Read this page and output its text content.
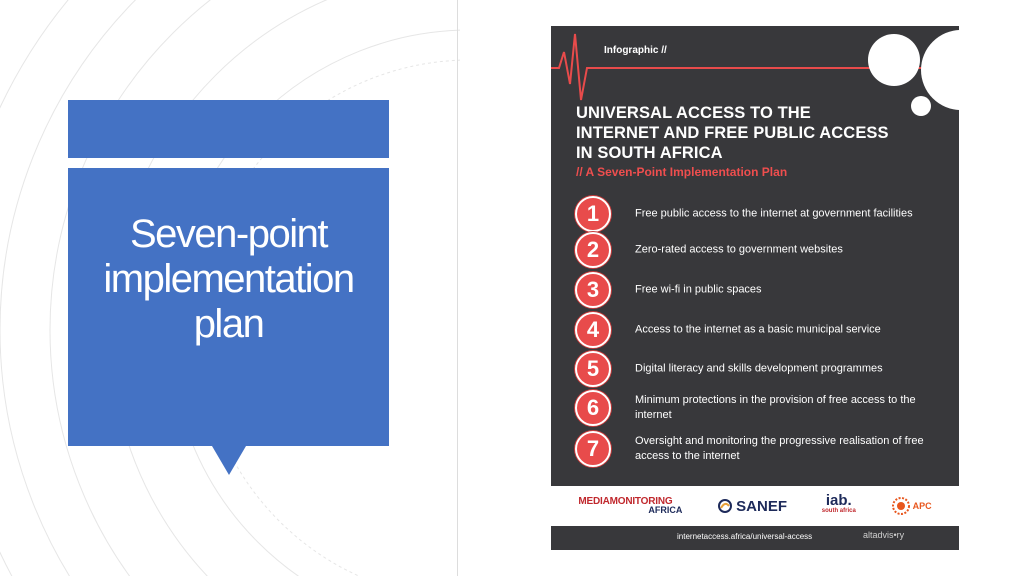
Seven-point
implementation
plan
Infographic //
UNIVERSAL ACCESS TO THE
INTERNET AND FREE PUBLIC ACCESS
IN SOUTH AFRICA
// A Seven-Point Implementation Plan
1	Free public access to the internet at government facilities
2	Zero-rated access to government websites
3	Free wi-fi in public spaces
4	Access to the internet as a basic municipal service
5	Digital literacy and skills development programmes
6	Minimum protections in the provision of free access to the internet
7	Oversight and monitoring the progressive realisation of free access to the internet
MEDIAMONITORING
AFRICA	SANEF	iab.
south africa	APC
internetaccess.africa/universal-access	altadvis•ry
